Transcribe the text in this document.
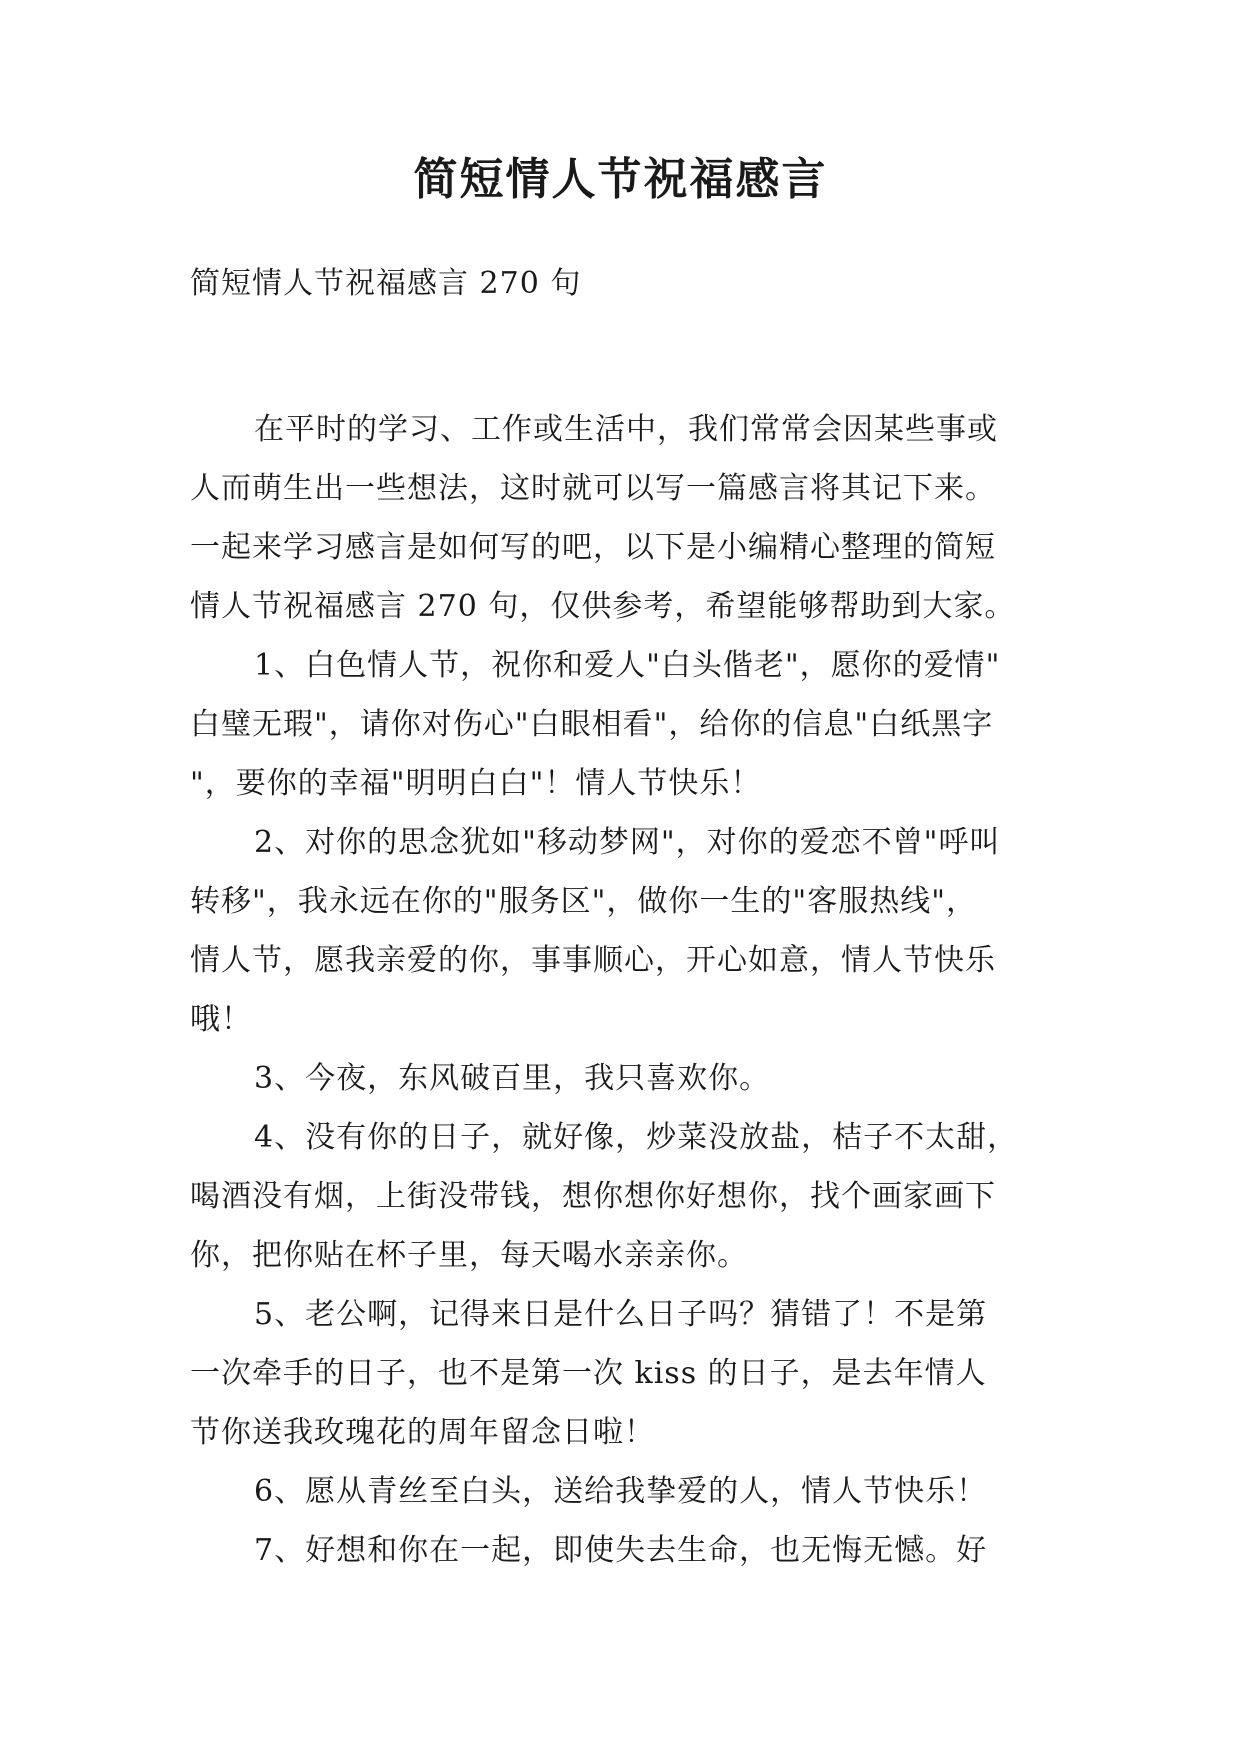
简短情人节祝福感言
简短情人节祝福感言 270 句
在平时的学习、工作或生活中，我们常常会因某些事或
人而萌生出一些想法，这时就可以写一篇感言将其记下来。
一起来学习感言是如何写的吧，以下是小编精心整理的简短
情人节祝福感言 270 句，仅供参考，希望能够帮助到大家。
1、白色情人节，祝你和爱人"白头偕老"，愿你的爱情"
白璧无瑕"，请你对伤心"白眼相看"，给你的信息"白纸黑字
"，要你的幸福"明明白白"！情人节快乐！
2、对你的思念犹如"移动梦网"，对你的爱恋不曾"呼叫
转移"，我永远在你的"服务区"，做你一生的"客服热线"，
情人节，愿我亲爱的你，事事顺心，开心如意，情人节快乐
哦！
3、今夜，东风破百里，我只喜欢你。
4、没有你的日子，就好像，炒菜没放盐，桔子不太甜，
喝酒没有烟，上街没带钱，想你想你好想你，找个画家画下
你，把你贴在杯子里，每天喝水亲亲你。
5、老公啊，记得来日是什么日子吗？猜错了！不是第
一次牵手的日子，也不是第一次 kiss 的日子，是去年情人
节你送我玫瑰花的周年留念日啦！
6、愿从青丝至白头，送给我挚爱的人，情人节快乐！
7、好想和你在一起，即使失去生命，也无悔无憾。好
